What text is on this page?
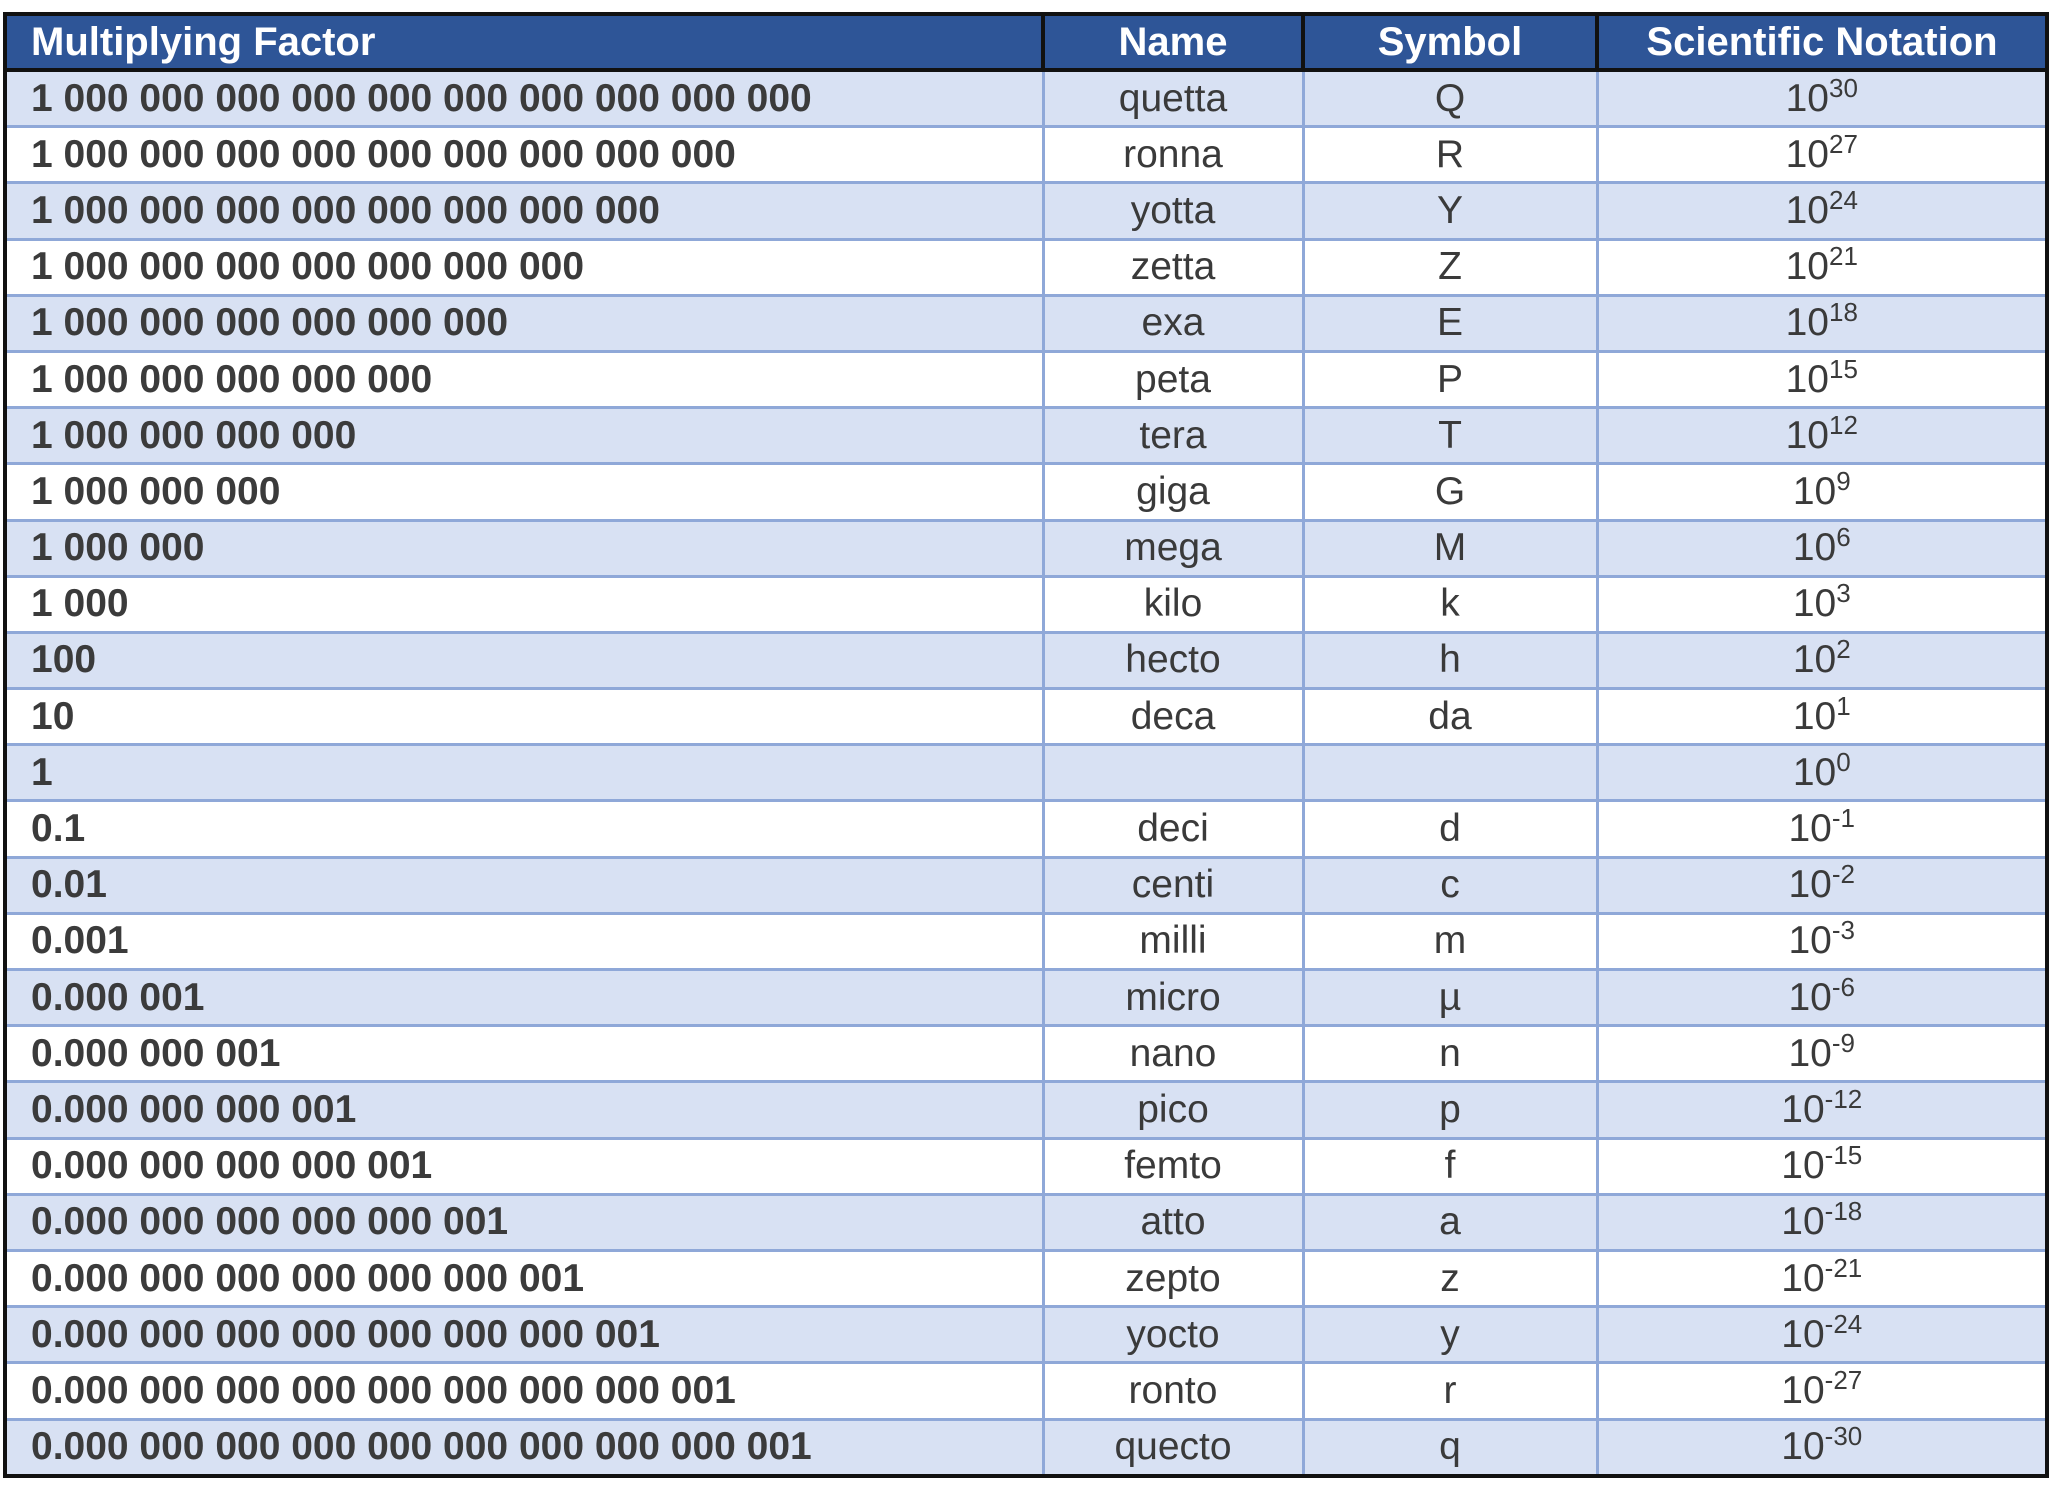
Multiplying Factor	Name	Symbol	Scientific Notation
1 000 000 000 000 000 000 000 000 000 000	quetta	Q	$10^{30}$
1 000 000 000 000 000 000 000 000 000	ronna	R	$10^{27}$
1 000 000 000 000 000 000 000 000	yotta	Y	$10^{24}$
1 000 000 000 000 000 000 000	zetta	Z	$10^{21}$
1 000 000 000 000 000 000	exa	E	$10^{18}$
1 000 000 000 000 000	peta	P	$10^{15}$
1 000 000 000 000	tera	T	$10^{12}$
1 000 000 000	giga	G	$10^9$
1 000 000	mega	M	$10^6$
1 000	kilo	k	$10^3$
100	hecto	h	$10^2$
10	deca	da	$10^1$
1			$10^0$
0.1	deci	d	$10^{-1}$
0.01	centi	c	$10^{-2}$
0.001	milli	m	$10^{-3}$
0.000 001	micro	µ	$10^{-6}$
0.000 000 001	nano	n	$10^{-9}$
0.000 000 000 001	pico	p	$10^{-12}$
0.000 000 000 000 001	femto	f	$10^{-15}$
0.000 000 000 000 000 001	atto	a	$10^{-18}$
0.000 000 000 000 000 000 001	zepto	z	$10^{-21}$
0.000 000 000 000 000 000 000 001	yocto	y	$10^{-24}$
0.000 000 000 000 000 000 000 000 001	ronto	r	$10^{-27}$
0.000 000 000 000 000 000 000 000 000 001	quecto	q	$10^{-30}$
